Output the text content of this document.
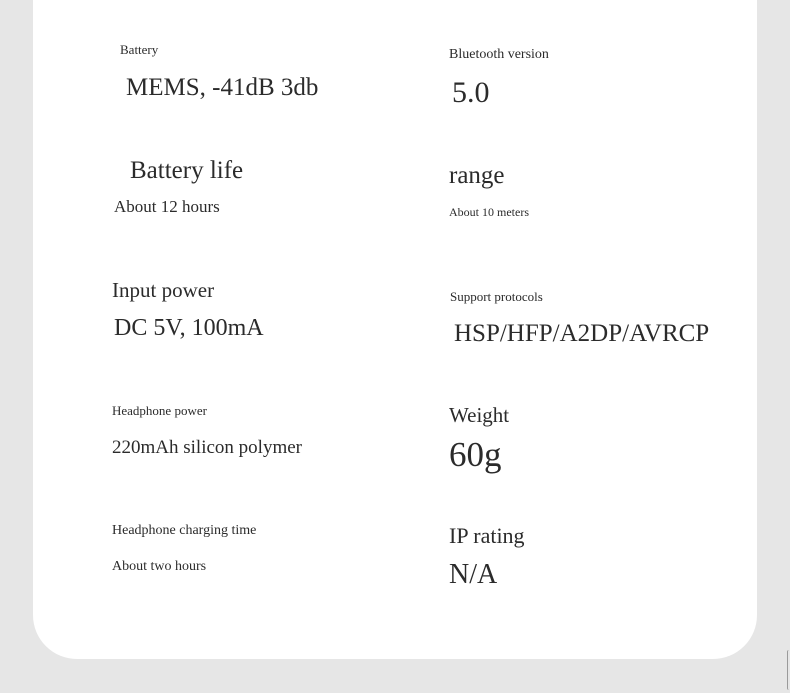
Battery
MEMS, -41dB 3db
Battery life
About 12 hours
Input power
DC 5V, 100mA
Headphone power
220mAh silicon polymer
Headphone charging time
About two hours
Bluetooth version
5.0
range
About 10 meters
Support protocols
HSP/HFP/A2DP/AVRCP
Weight
60g
IP rating
N/A
